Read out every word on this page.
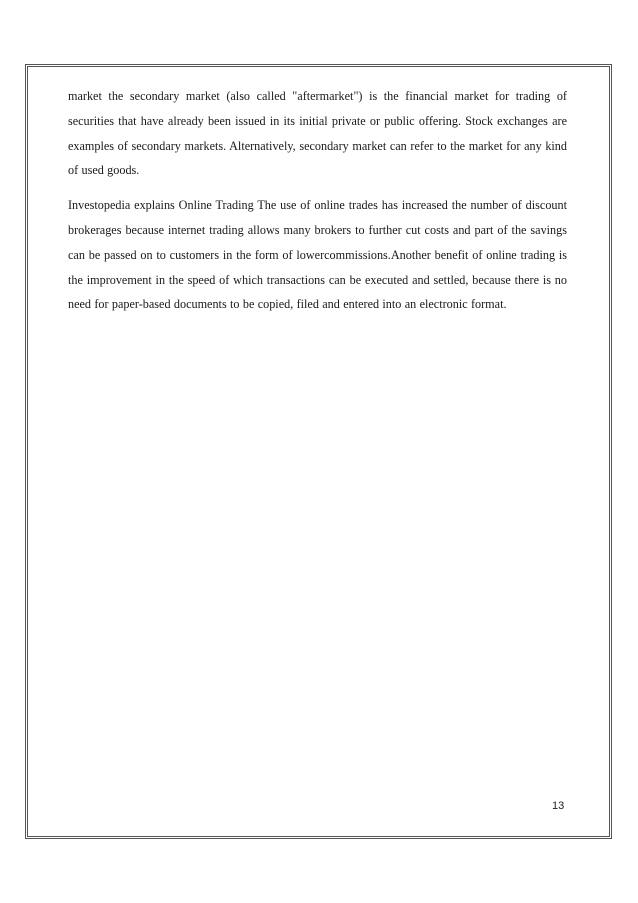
market the secondary market (also called "aftermarket") is the financial market for trading of securities that have already been issued in its initial private or public offering. Stock exchanges are examples of secondary markets. Alternatively, secondary market can refer to the market for any kind of used goods.

Investopedia explains Online Trading The use of online trades has increased the number of discount brokerages because internet trading allows many brokers to further cut costs and part of the savings can be passed on to customers in the form of lowercommissions.Another benefit of online trading is the improvement in the speed of which transactions can be executed and settled, because there is no need for paper-based documents to be copied, filed and entered into an electronic format.

13
